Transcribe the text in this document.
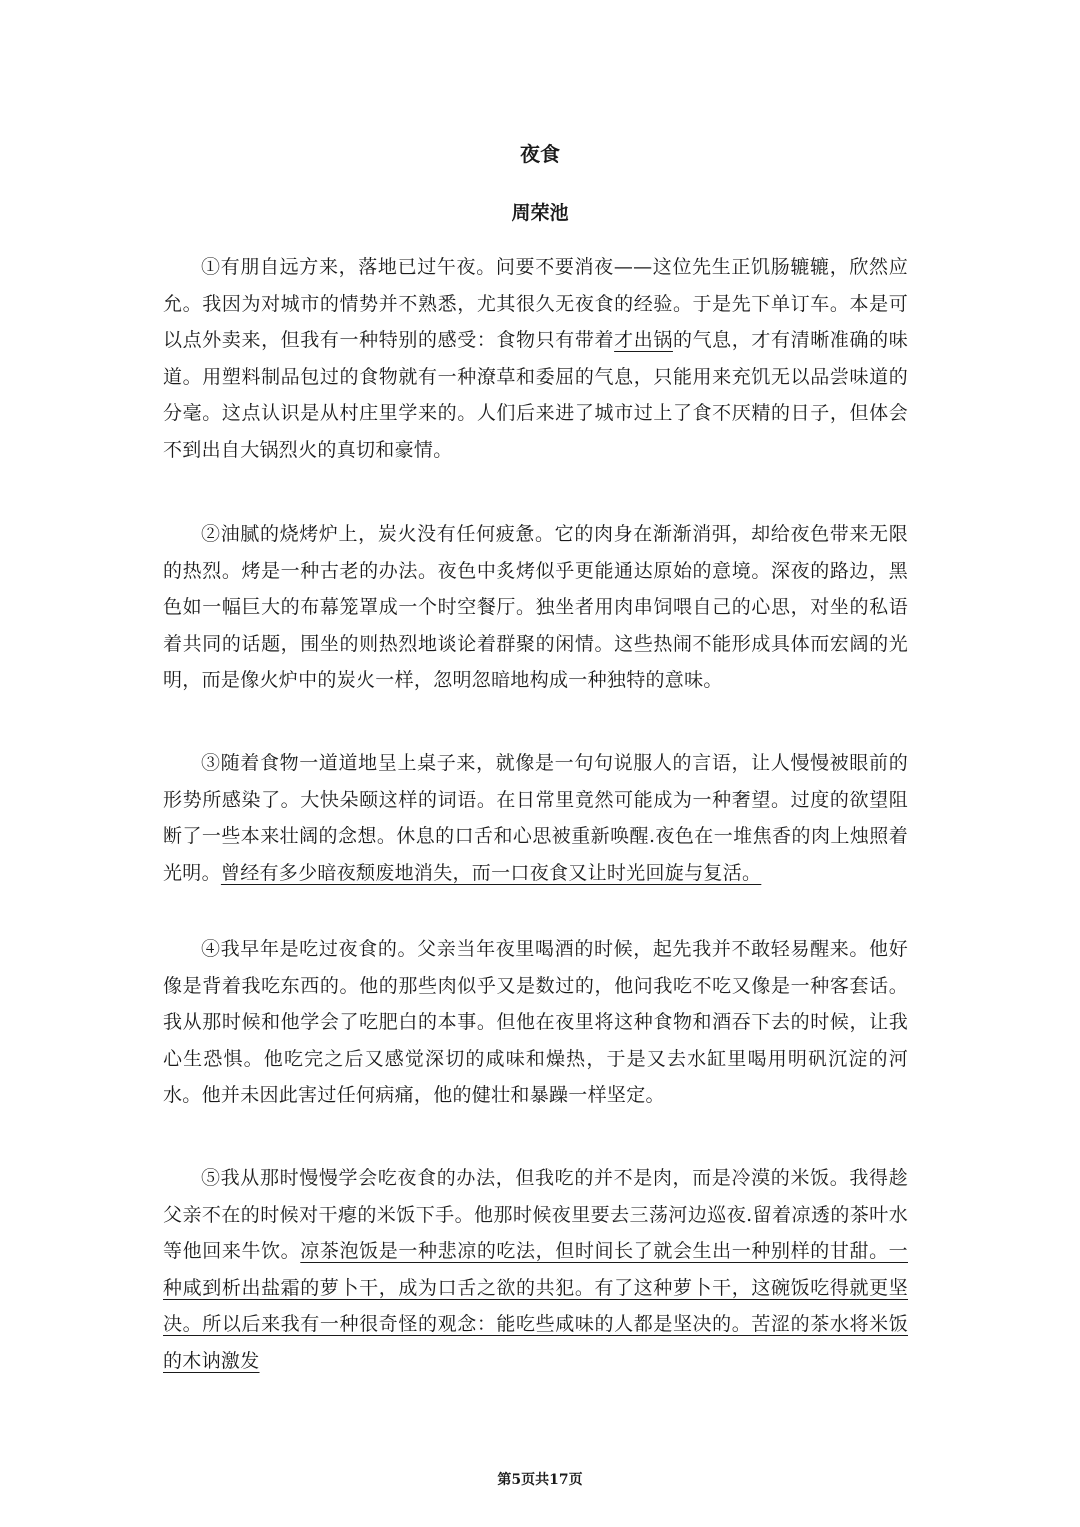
夜食
周荣池

①有朋自远方来，落地已过午夜。问要不要消夜——这位先生正饥肠辘辘，欣然应允。我因为对城市的情势并不熟悉，尤其很久无夜食的经验。于是先下单订车。本是可以点外卖来，但我有一种特别的感受：食物只有带着才出锅的气息，才有清晰准确的味道。用塑料制品包过的食物就有一种潦草和委屈的气息，只能用来充饥无以品尝味道的分毫。这点认识是从村庄里学来的。人们后来进了城市过上了食不厌精的日子，但体会不到出自大锅烈火的真切和豪情。

②油腻的烧烤炉上，炭火没有任何疲惫。它的肉身在渐渐消弭，却给夜色带来无限的热烈。烤是一种古老的办法。夜色中炙烤似乎更能通达原始的意境。深夜的路边，黑色如一幅巨大的布幕笼罩成一个时空餐厅。独坐者用肉串饲喂自己的心思，对坐的私语着共同的话题，围坐的则热烈地谈论着群聚的闲情。这些热闹不能形成具体而宏阔的光明，而是像火炉中的炭火一样，忽明忽暗地构成一种独特的意味。

③随着食物一道道地呈上桌子来，就像是一句句说服人的言语，让人慢慢被眼前的形势所感染了。大快朵颐这样的词语。在日常里竟然可能成为一种奢望。过度的欲望阻断了一些本来壮阔的念想。休息的口舌和心思被重新唤醒.夜色在一堆焦香的肉上烛照着光明。曾经有多少暗夜颓废地消失，而一口夜食又让时光回旋与复活。

④我早年是吃过夜食的。父亲当年夜里喝酒的时候，起先我并不敢轻易醒来。他好像是背着我吃东西的。他的那些肉似乎又是数过的，他问我吃不吃又像是一种客套话。我从那时候和他学会了吃肥白的本事。但他在夜里将这种食物和酒吞下去的时候，让我心生恐惧。他吃完之后又感觉深切的咸味和燥热，于是又去水缸里喝用明矾沉淀的河水。他并未因此害过任何病痛，他的健壮和暴躁一样坚定。

⑤我从那时慢慢学会吃夜食的办法，但我吃的并不是肉，而是冷漠的米饭。我得趁父亲不在的时候对干瘪的米饭下手。他那时候夜里要去三荡河边巡夜.留着凉透的茶叶水等他回来牛饮。凉茶泡饭是一种悲凉的吃法，但时间长了就会生出一种别样的甘甜。一种咸到析出盐霜的萝卜干，成为口舌之欲的共犯。有了这种萝卜干，这碗饭吃得就更坚决。所以后来我有一种很奇怪的观念：能吃些咸味的人都是坚决的。苦涩的茶水将米饭的木讷激发

第5页共17页
